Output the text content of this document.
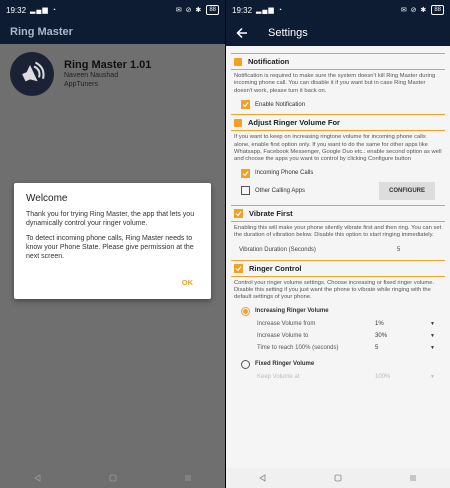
19:32 ▂▄▆ ◔	✉ ⊘ ✱	88
Ring Master
Ring Master 1.01
Naveen Naushad
AppTuners
Welcome
Thank you for trying Ring Master, the app that lets you dynamically control your ringer volume.
To detect incoming phone calls, Ring Master needs to know your Phone State. Please give permission at the next screen.
OK
19:32 ▂▄▆ ◔	✉ ⊘ ✱	88
Settings
Notification
Notification is required to make sure the system doesn't kill Ring Master during incoming phone call. You can disable it if you want but in case Ring Master doesn't work, please turn it back on.
Enable Notification
Adjust Ringer Volume For
If you want to keep on increasing ringtone volume for incoming phone calls alone, enable first option only. If you want to do the same for other apps like Whatsapp, Facebook Messenger, Google Duo etc.. enable second option as well and choose the apps you want to control by clicking Configure button
Incoming Phone Calls
Other Calling Apps	CONFIGURE
Vibrate First
Enabling this will make your phone silently vibrate first and then ring. You can set the duration of vibration below. Disable this option to start ringing immediately.
Vibration Duration (Seconds)	5
Ringer Control
Control your ringer volume settings. Choose increasing or fixed ringer volume. Disable this setting if you just want the phone to vibrate while ringing with the default settings of your phone.
Increasing Ringer Volume
Increase Volume from	1%	▼
Increase Volume to	30%	▼
Time to reach 100% (seconds)	5	▼
Fixed Ringer Volume
Keep Volume at	100%	▼
